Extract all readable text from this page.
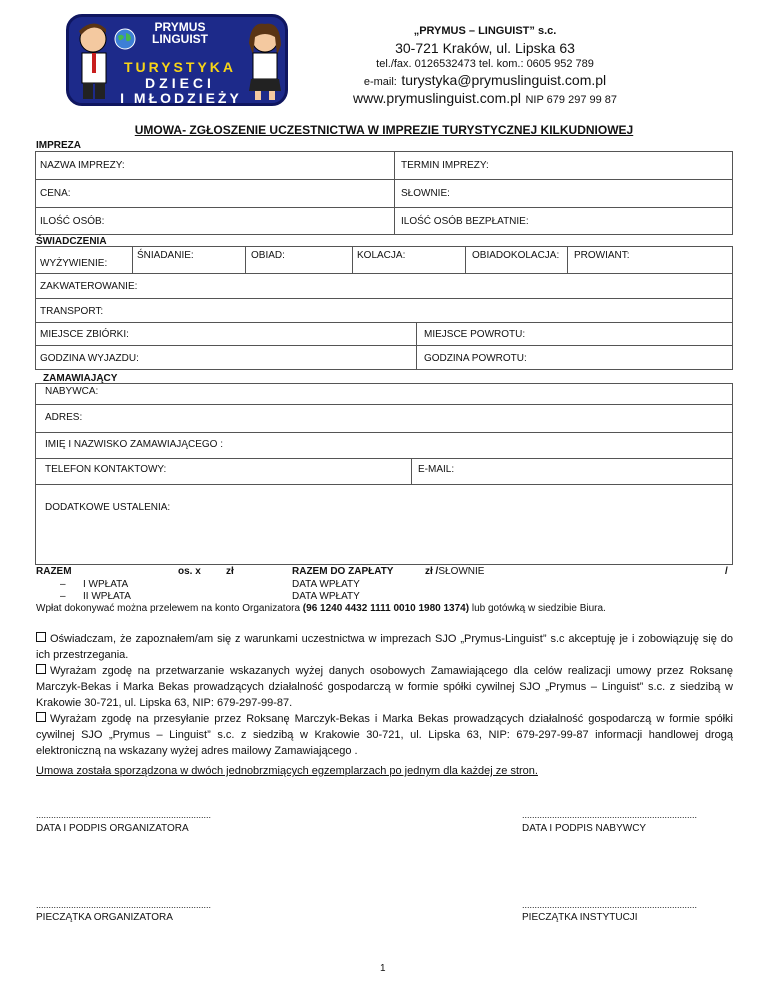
PRYMUS
LINGUIST
TURYSTYKA
DZIECI
I MŁODZIEŻY
„PRYMUS – LINGUIST” s.c.
30-721 Kraków, ul. Lipska 63
tel./fax. 0126532473 tel. kom.: 0605 952 789
e-mail: turystyka@prymuslinguist.com.pl
www.prymuslinguist.com.pl NIP 679 297 99 87
UMOWA- ZGŁOSZENIE UCZESTNICTWA W IMPREZIE TURYSTYCZNEJ KILKUDNIOWEJ
IMPREZA
NAZWA IMPREZY:	TERMIN IMPREZY:
CENA:	SŁOWNIE:
ILOŚĆ OSÓB:	ILOŚĆ OSÓB BEZPŁATNIE:
ŚWIADCZENIA
WYŻYWIENIE:
ŚNIADANIE:	OBIAD:	KOLACJA:	OBIADOKOLACJA: PROWIANT:
ZAKWATEROWANIE:
TRANSPORT:
MIEJSCE ZBIÓRKI:	MIEJSCE POWROTU:
GODZINA WYJAZDU:	GODZINA POWROTU:
ZAMAWIAJĄCY
NABYWCA:
ADRES:
IMIĘ I NAZWISKO ZAMAWIAJĄCEGO :
TELEFON KONTAKTOWY:	E-MAIL:
DODATKOWE USTALENIA:
RAZEM	os. x	zł	RAZEM DO ZAPŁATY	zł /SŁOWNIE	/
– I WPŁATA	DATA WPŁATY
– II WPŁATA	DATA WPŁATY
Wpłat dokonywać można przelewem na konto Organizatora (96 1240 4432 1111 0010 1980 1374) lub gotówką w siedzibie Biura.
Oświadczam, że zapoznałem/am się z warunkami uczestnictwa w imprezach SJO „Prymus-Linguist” s.c akceptuję je i zobowiązuję się do ich przestrzegania.
Wyrażam zgodę na przetwarzanie wskazanych wyżej danych osobowych Zamawiającego dla celów realizacji umowy przez Roksanę Marczyk-Bekas i Marka Bekas prowadzących działalność gospodarczą w formie spółki cywilnej SJO „Prymus – Linguist” s.c. z siedzibą w Krakowie 30-721, ul. Lipska 63, NIP: 679-297-99-87.
Wyrażam zgodę na przesyłanie przez Roksanę Marczyk-Bekas i Marka Bekas prowadzących działalność gospodarczą w formie spółki cywilnej SJO „Prymus – Linguist” s.c. z siedzibą w Krakowie 30-721, ul. Lipska 63, NIP: 679-297-99-87 informacji handlowej drogą elektroniczną na wskazany wyżej adres mailowy Zamawiającego .
Umowa została sporządzona w dwóch jednobrzmiących egzemplarzach po jednym dla każdej ze stron.
......................................................................
DATA I PODPIS ORGANIZATORA
......................................................................
DATA I PODPIS NABYWCY
......................................................................
PIECZĄTKA ORGANIZATORA
......................................................................
PIECZĄTKA INSTYTUCJI
1
